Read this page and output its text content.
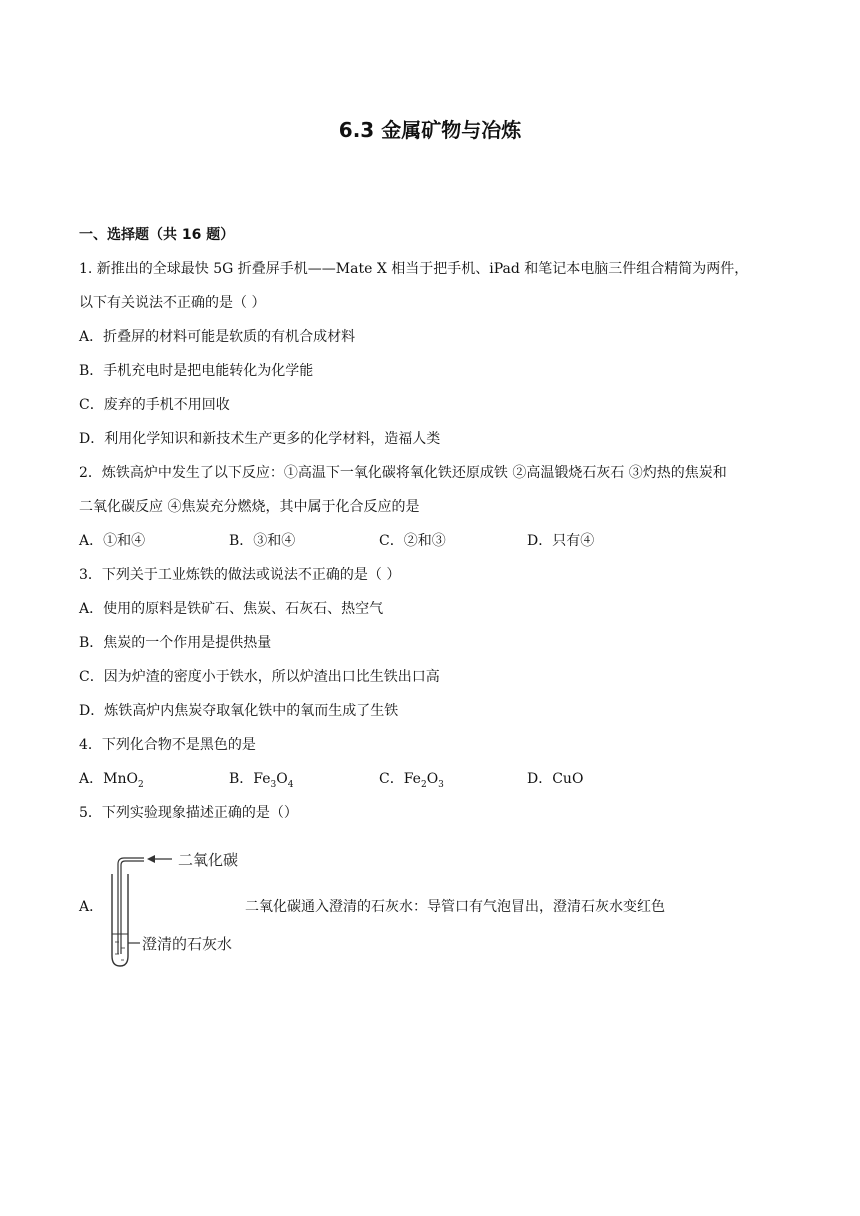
6.3 金属矿物与冶炼
一、选择题（共 16 题）
1. 新推出的全球最快 5G 折叠屏手机——Mate X 相当于把手机、iPad 和笔记本电脑三件组合精简为两件，
以下有关说法不正确的是（ ）
A．折叠屏的材料可能是软质的有机合成材料
B．手机充电时是把电能转化为化学能
C．废弃的手机不用回收
D．利用化学知识和新技术生产更多的化学材料，造福人类
2．炼铁高炉中发生了以下反应：①高温下一氧化碳将氧化铁还原成铁 ②高温锻烧石灰石 ③灼热的焦炭和
二氧化碳反应 ④焦炭充分燃烧，其中属于化合反应的是
A．①和④	B．③和④	C．②和③	D．只有④
3．下列关于工业炼铁的做法或说法不正确的是（ ）
A．使用的原料是铁矿石、焦炭、石灰石、热空气
B．焦炭的一个作用是提供热量
C．因为炉渣的密度小于铁水，所以炉渣出口比生铁出口高
D．炼铁高炉内焦炭夺取氧化铁中的氧而生成了生铁
4．下列化合物不是黑色的是
A．MnO$_2$	B．$Fe_3O_4$	C．$Fe_2O_3$	D．CuO
5．下列实验现象描述正确的是（）
A．
二氧化碳
澄清的石灰水
二氧化碳通入澄清的石灰水：导管口有气泡冒出，澄清石灰水变红色
